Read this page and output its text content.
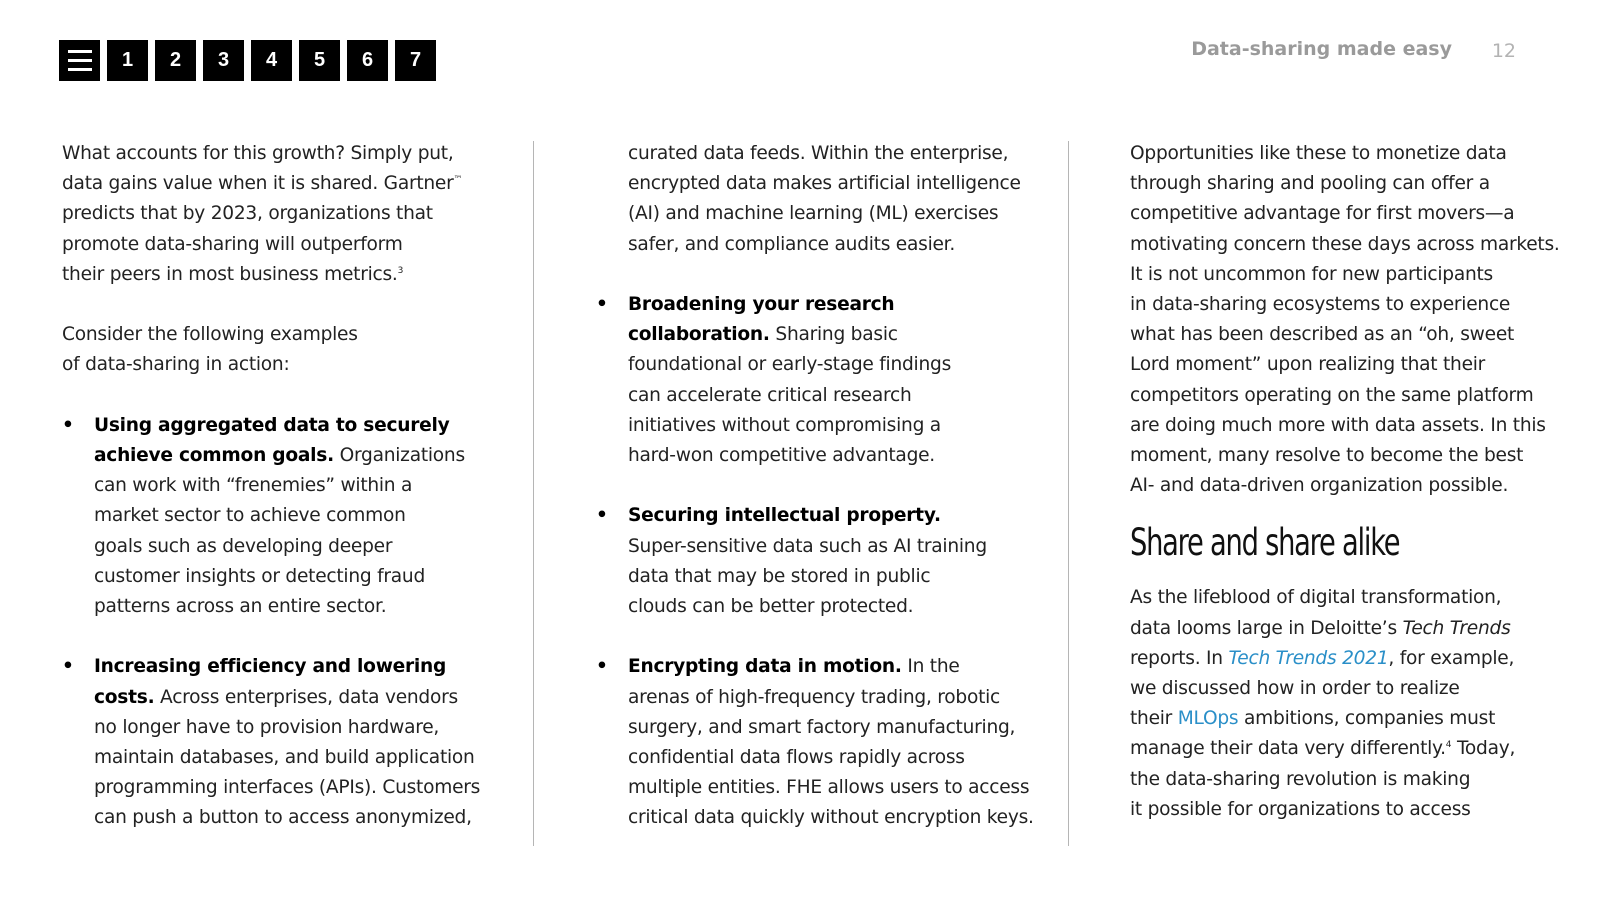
1	2	3	4	5	6	7	Data-sharing made easy 12

What accounts for this growth? Simply put,

data gains value when it is shared. Gartner™

predicts that by 2023, organizations that

promote data-sharing will outperform

their peers in most business metrics.$^3$

Consider the following examples

of data-sharing in action:

• Using aggregated data to securely

achieve common goals. Organizations

can work with “frenemies” within a

market sector to achieve common

goals such as developing deeper

customer insights or detecting fraud

patterns across an entire sector.

• Increasing efficiency and lowering

costs. Across enterprises, data vendors

no longer have to provision hardware,

maintain databases, and build application

programming interfaces (APIs). Customers

can push a button to access anonymized,

curated data feeds. Within the enterprise,

encrypted data makes artificial intelligence

(AI) and machine learning (ML) exercises

safer, and compliance audits easier.

• Broadening your research

collaboration. Sharing basic

foundational or early-stage findings

can accelerate critical research

initiatives without compromising a

hard-won competitive advantage.

• Securing intellectual property.

Super-sensitive data such as AI training

data that may be stored in public

clouds can be better protected.

• Encrypting data in motion. In the

arenas of high-frequency trading, robotic

surgery, and smart factory manufacturing,

confidential data flows rapidly across

multiple entities. FHE allows users to access

critical data quickly without encryption keys.

Opportunities like these to monetize data

through sharing and pooling can offer a

competitive advantage for first movers—a

motivating concern these days across markets.

It is not uncommon for new participants

in data-sharing ecosystems to experience

what has been described as an “oh, sweet

Lord moment” upon realizing that their

competitors operating on the same platform

are doing much more with data assets. In this

moment, many resolve to become the best

AI- and data-driven organization possible.

Share and share alike

As the lifeblood of digital transformation,

data looms large in Deloitte’s Tech Trends

reports. In Tech Trends 2021, for example,

we discussed how in order to realize

their MLOps ambitions, companies must

manage their data very differently.$^4$ Today,

the data-sharing revolution is making

it possible for organizations to access
